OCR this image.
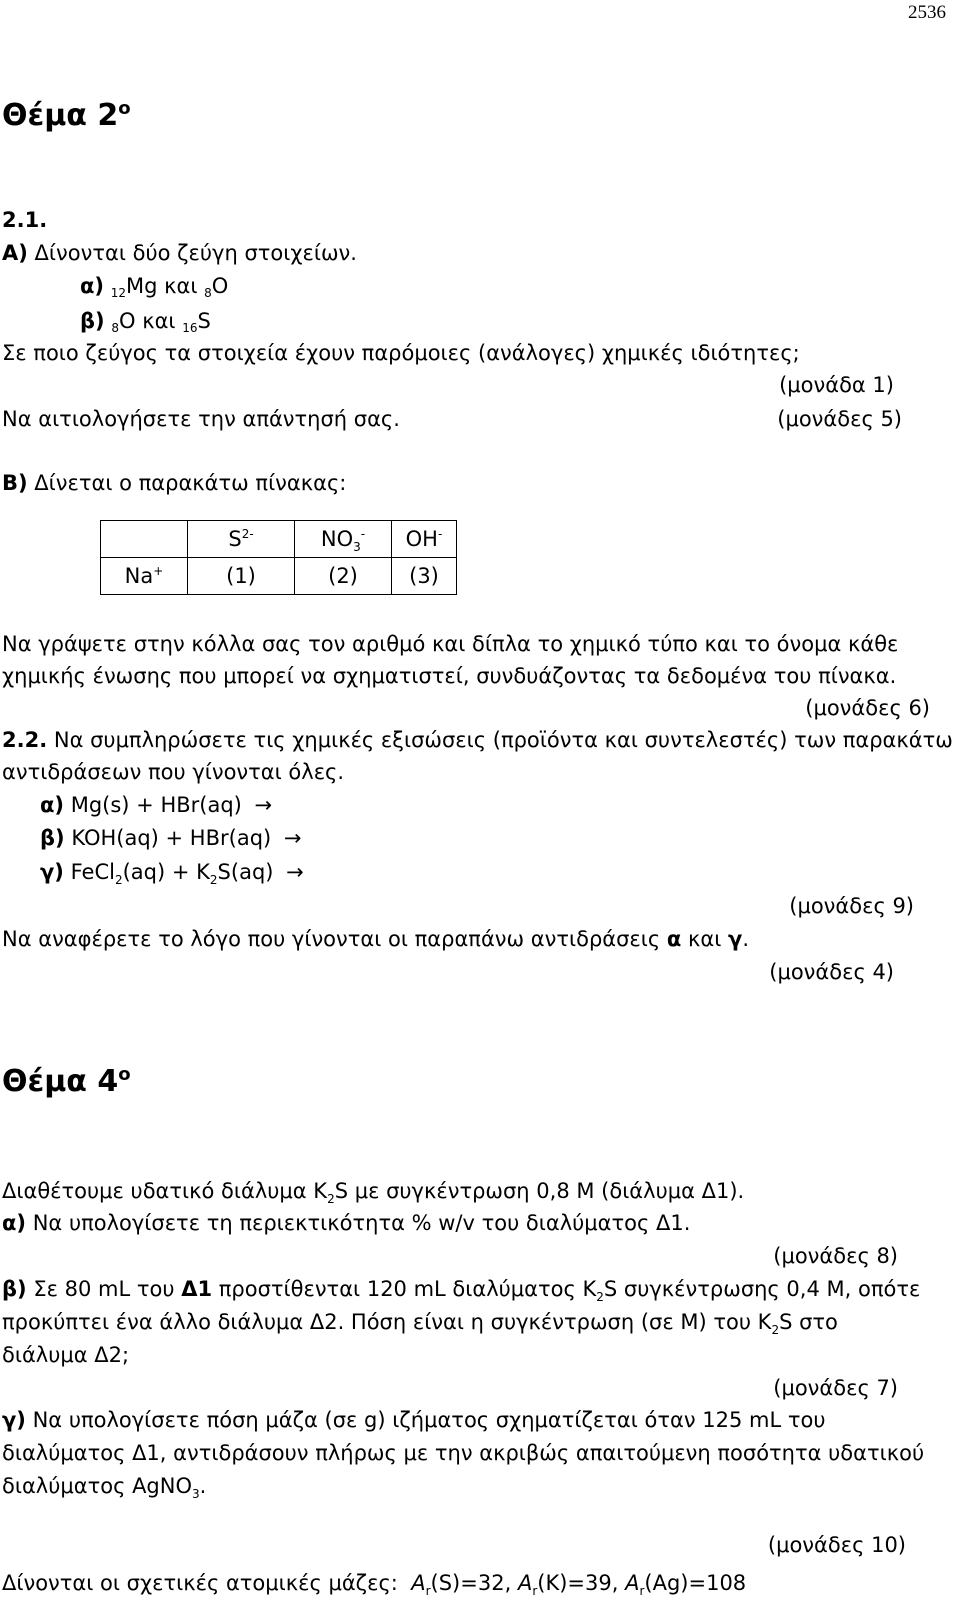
2536
Θέμα $2^o$
2.1.
Α) Δίνονται δύο ζεύγη στοιχείων.
α) 12Mg και 8O
β) 8O και 16S
Σε ποιο ζεύγος τα στοιχεία έχουν παρόμοιες (ανάλογες) χημικές ιδιότητες;
(μονάδα 1)
Να αιτιολογήσετε την απάντησή σας.	(μονάδες 5)
Β) Δίνεται ο παρακάτω πίνακας:
	$S^{2-}$	$NO_3^-$	OH-
Na+	(1)	(2)	(3)
Να γράψετε στην κόλλα σας τον αριθμό και δίπλα το χημικό τύπο και το όνομα κάθε
χημικής ένωσης που μπορεί να σχηματιστεί, συνδυάζοντας τα δεδομένα του πίνακα.
(μονάδες 6)
2.2. Να συμπληρώσετε τις χημικές εξισώσεις (προϊόντα και συντελεστές) των παρακάτω
αντιδράσεων που γίνονται όλες.
α) Mg(s) + HBr(aq) →
β) KOH(aq) + HBr(aq) →
γ) FeCl$_2$(aq) + $K_2S(aq)$ →
(μονάδες 9)
Να αναφέρετε το λόγο που γίνονται οι παραπάνω αντιδράσεις α και γ.
(μονάδες 4)
Θέμα $4^o$
Διαθέτουμε υδατικό διάλυμα $K_2S$ με συγκέντρωση 0,8 M (διάλυμα Δ1).
α) Να υπολογίσετε τη περιεκτικότητα % w/v του διαλύματος Δ1.
(μονάδες 8)
β) Σε 80 mL του Δ1 προστίθενται 120 mL διαλύματος $K_2S$ συγκέντρωσης 0,4 M, οπότε
προκύπτει ένα άλλο διάλυμα Δ2. Πόση είναι η συγκέντρωση (σε M) του $K_2S$ στο
διάλυμα Δ2;
(μονάδες 7)
γ) Να υπολογίσετε πόση μάζα (σε g) ιζήματος σχηματίζεται όταν 125 mL του
διαλύματος Δ1, αντιδράσουν πλήρως με την ακριβώς απαιτούμενη ποσότητα υδατικού
διαλύματος AgNO$_3$.
(μονάδες 10)
Δίνονται οι σχετικές ατομικές μάζες: $A_r(S)=32$, $A_r(K)=39$, $A_r(Ag)=108$
